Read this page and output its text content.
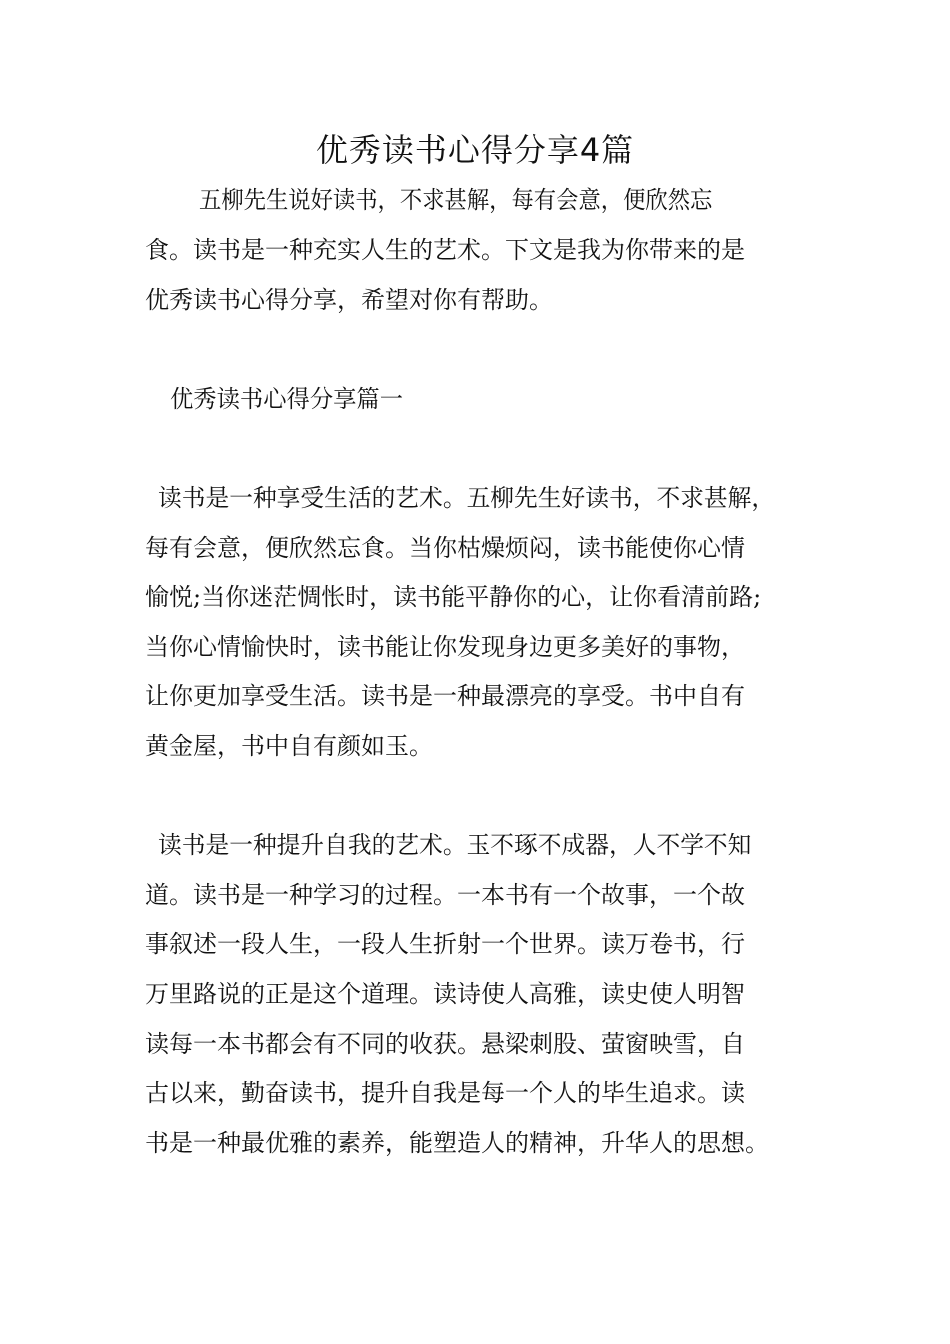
优秀读书心得分享4篇
五柳先生说好读书，不求甚解，每有会意，便欣然忘
食。读书是一种充实人生的艺术。下文是我为你带来的是
优秀读书心得分享，希望对你有帮助。
优秀读书心得分享篇一
读书是一种享受生活的艺术。五柳先生好读书，不求甚解，
每有会意，便欣然忘食。当你枯燥烦闷，读书能使你心情
愉悦;当你迷茫惆怅时，读书能平静你的心，让你看清前路;
当你心情愉快时，读书能让你发现身边更多美好的事物，
让你更加享受生活。读书是一种最漂亮的享受。书中自有
黄金屋，书中自有颜如玉。
读书是一种提升自我的艺术。玉不琢不成器，人不学不知
道。读书是一种学习的过程。一本书有一个故事，一个故
事叙述一段人生，一段人生折射一个世界。读万卷书，行
万里路说的正是这个道理。读诗使人高雅，读史使人明智
读每一本书都会有不同的收获。悬梁刺股、萤窗映雪，自
古以来，勤奋读书，提升自我是每一个人的毕生追求。读
书是一种最优雅的素养，能塑造人的精神，升华人的思想。
